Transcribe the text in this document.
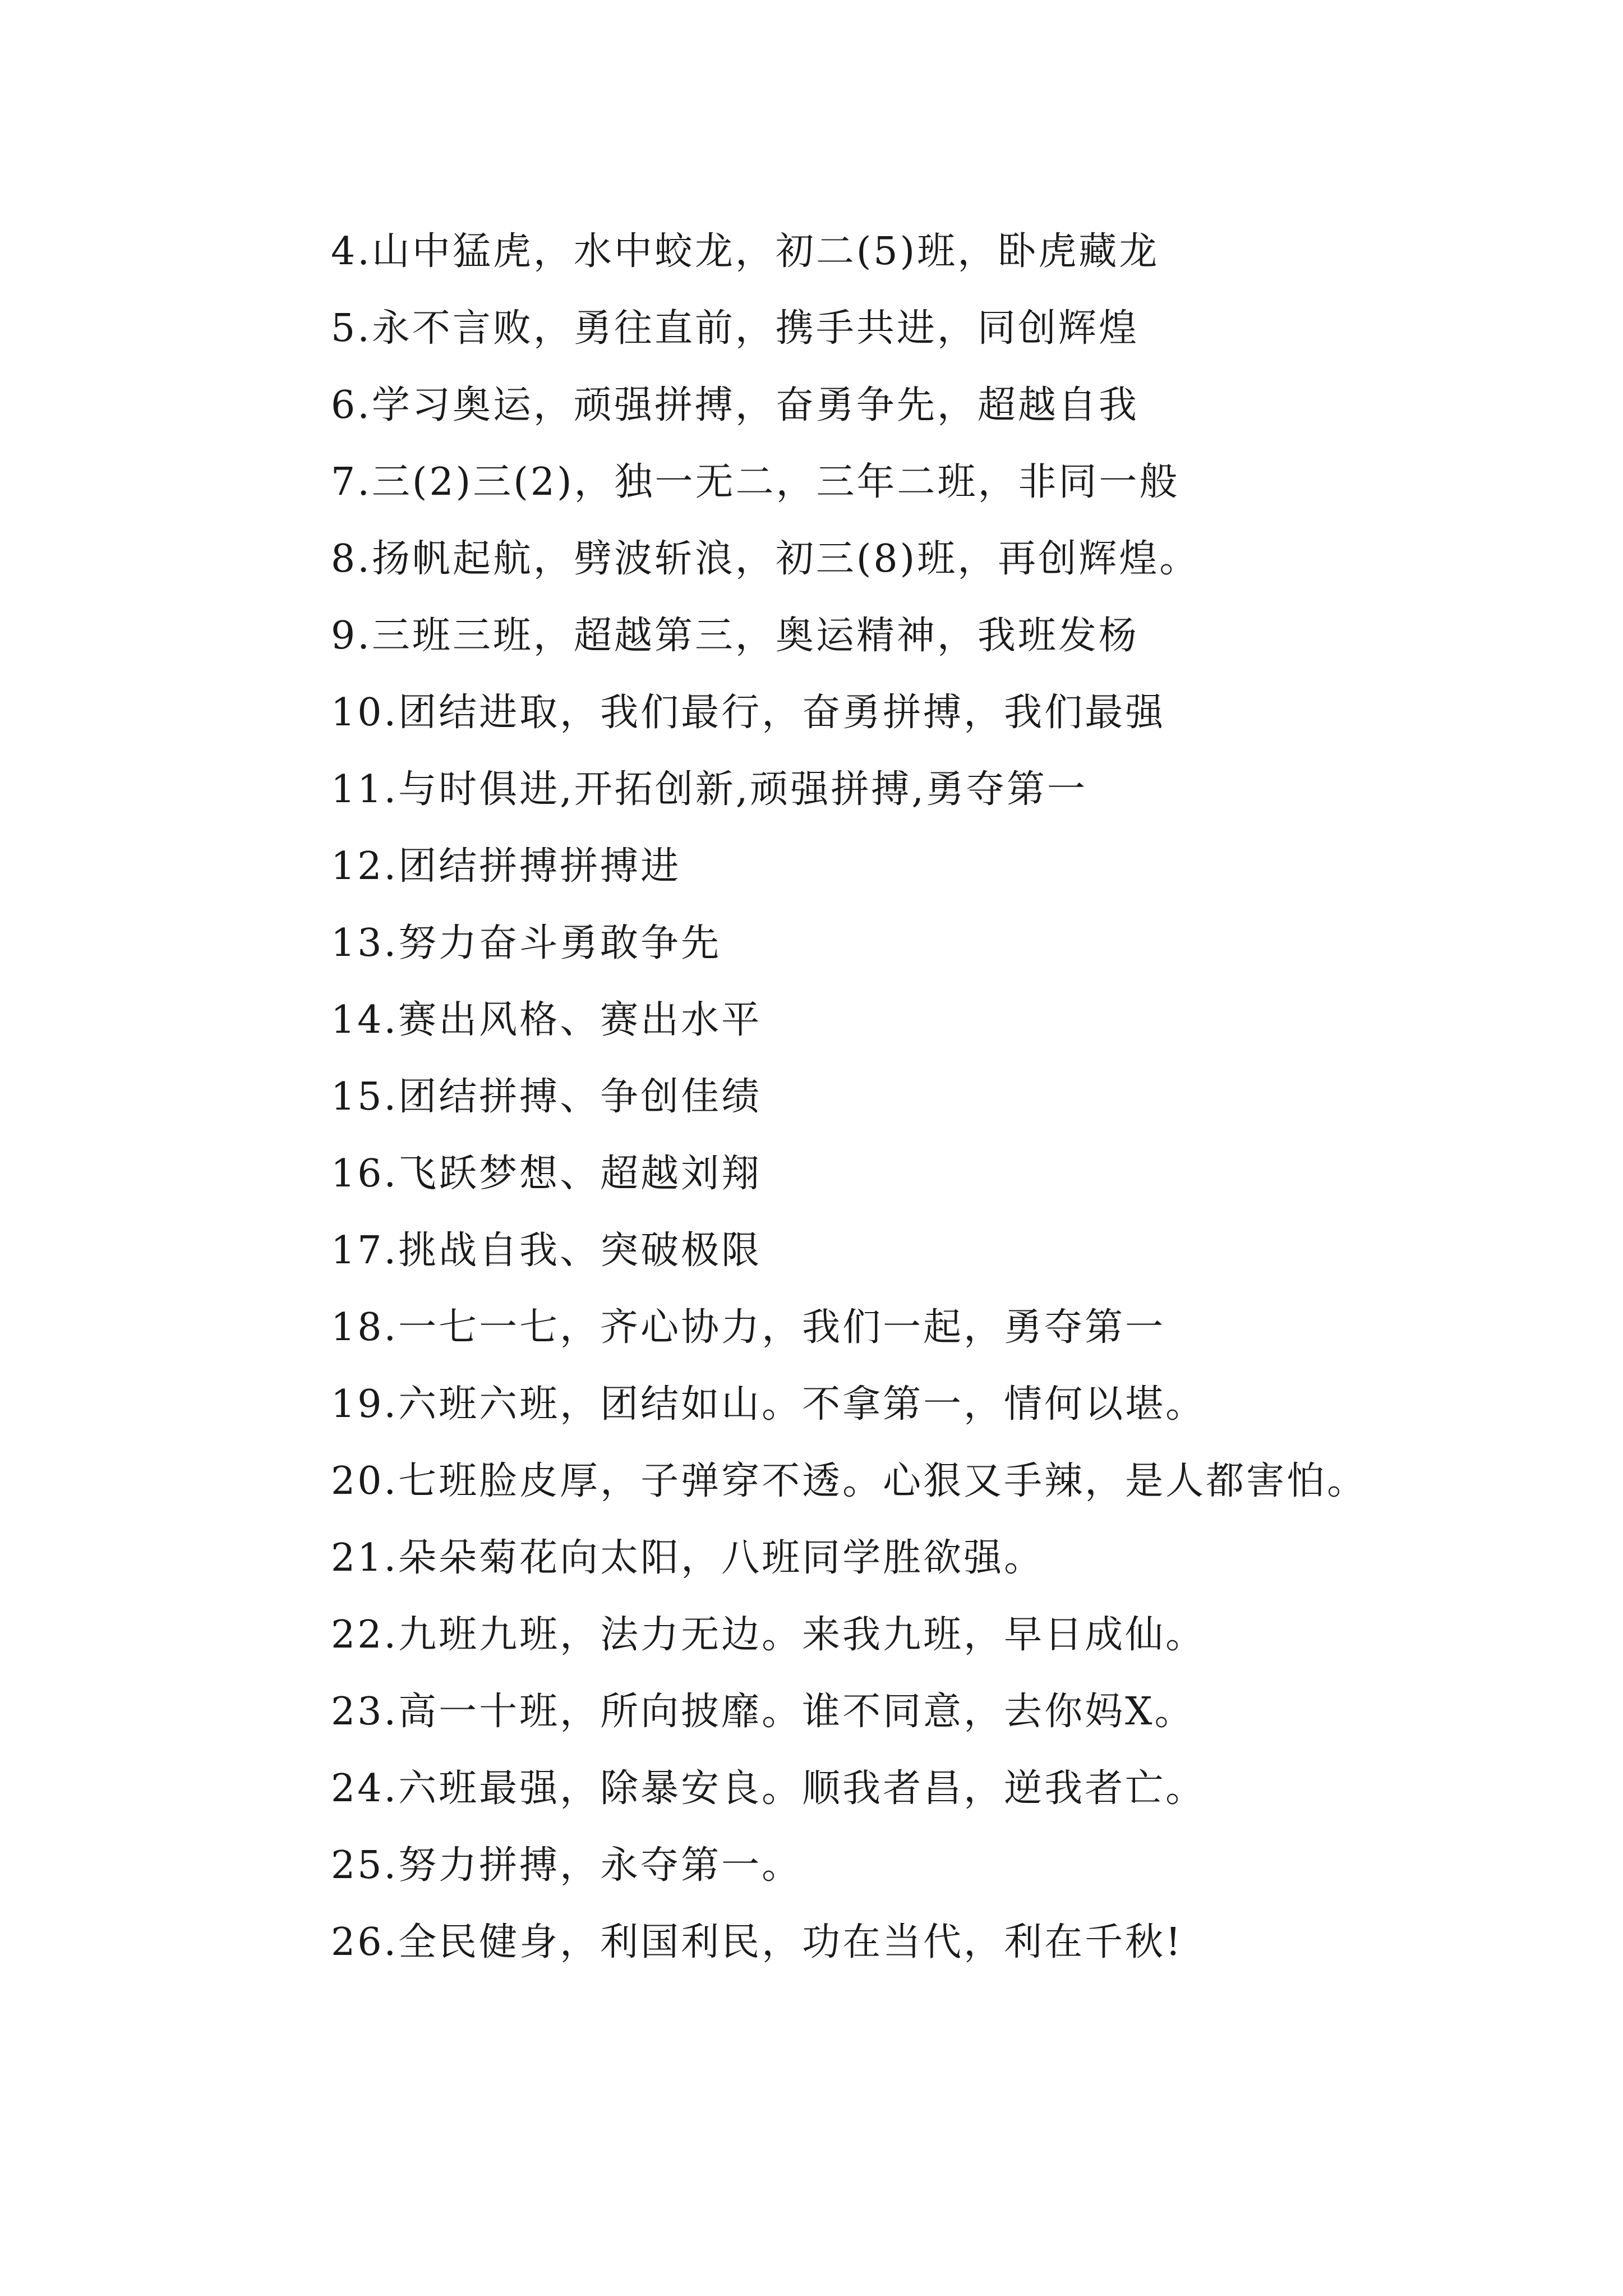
4.山中猛虎，水中蛟龙，初二(5)班，卧虎藏龙

5.永不言败，勇往直前，携手共进，同创辉煌

6.学习奥运，顽强拼搏，奋勇争先，超越自我

7.三(2)三(2)，独一无二，三年二班，非同一般

8.扬帆起航，劈波斩浪，初三(8)班，再创辉煌。

9.三班三班，超越第三，奥运精神，我班发杨

10.团结进取，我们最行，奋勇拼搏，我们最强

11.与时俱进,开拓创新,顽强拼搏,勇夺第一

12.团结拼搏拼搏进

13.努力奋斗勇敢争先

14.赛出风格、赛出水平

15.团结拼搏、争创佳绩

16.飞跃梦想、超越刘翔

17.挑战自我、突破极限

18.一七一七，齐心协力，我们一起，勇夺第一

19.六班六班，团结如山。不拿第一，情何以堪。

20.七班脸皮厚，子弹穿不透。心狠又手辣，是人都害怕。

21.朵朵菊花向太阳，八班同学胜欲强。

22.九班九班，法力无边。来我九班，早日成仙。

23.高一十班，所向披靡。谁不同意，去你妈X。

24.六班最强，除暴安良。顺我者昌，逆我者亡。

25.努力拼搏，永夺第一。

26.全民健身，利国利民，功在当代，利在千秋!
